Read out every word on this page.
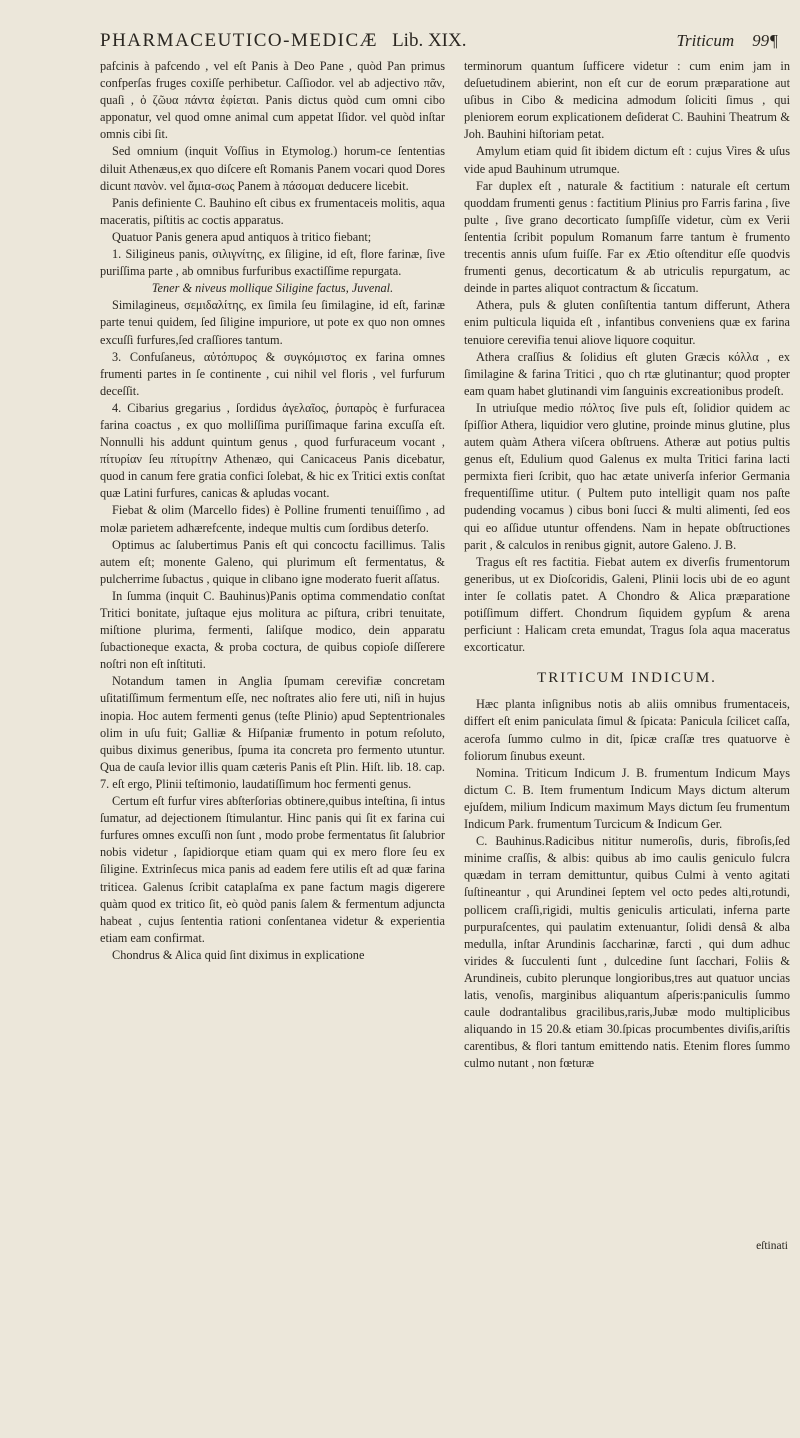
PHARMACEUTICO-MEDICÆ Lib. XIX.	Triticum 99¶

pafcinis à pafcendo , vel eſt Panis à Deo Pane , quòd Pan primus confperſas fruges coxiſſe perhibetur. Caſſiodor. vel ab adjectivo πᾶν, quaſi , ὁ ζῶυα πάντα ἐφίεται. Panis dictus quòd cum omni cibo apponatur, vel quod omne animal cum appetat Iſidor. vel quòd inſtar omnis cibi ſit.

Sed omnium (inquit Voſſius in Etymolog.) horum-ce ſententias diluit Athenæus,ex quo diſcere eſt Romanis Panem vocari quod Dores dicunt πανὸν. vel ἄμια-σως Panem à πάσομαι deducere licebit.

Panis definiente C. Bauhino eſt cibus ex frumentaceis molitis, aqua maceratis, piſtitis ac coctis apparatus.

Quatuor Panis genera apud antiquos à tritico fiebant;

1. Siligineus panis, σιλιγνίτης, ex ſiligine, id eſt, flore farinæ, ſive puriſſima parte , ab omnibus furfuribus exactiſſime repurgata.

Tener & niveus mollique Siligine factus, Juvenal.

Similagineus, σεμιδαλίτης, ex ſimila ſeu ſimilagine, id eſt, farinæ parte tenui quidem, ſed ſiligine impuriore, ut pote ex quo non omnes excuſſi furfures,ſed craſſiores tantum.

3. Confuſaneus, αὐτόπυρος & συγκόμιστος ex farina omnes frumenti partes in ſe continente , cui nihil vel floris , vel furfurum deceſſit.

4. Cibarius gregarius , ſordidus ἀγελαῖος, ῥυπαρὸς è furfuracea farina coactus , ex quo molliſſima puriſſimaque farina excuſſa eſt. Nonnulli his addunt quintum genus , quod furfuraceum vocant , πίτυρίαν ſeu πίτυρίτην Athenæo, qui Canicaceus Panis dicebatur, quod in canum fere gratia confici ſolebat, & hic ex Tritici extis conſtat quæ Latini furfures, canicas & apludas vocant.

Fiebat & olim (Marcello fides) è Polline frumenti tenuiſſimo , ad molæ parietem adhærefcente, indeque multis cum ſordibus deterſo.

Optimus ac ſalubertimus Panis eſt qui concoctu facillimus. Talis autem eſt; monente Galeno, qui plurimum eſt fermentatus, & pulcherrime ſubactus , quique in clibano igne moderato fuerit aſſatus.

In ſumma (inquit C. Bauhinus)Panis optima commendatio conſtat Tritici bonitate, juſtaque ejus molitura ac piſtura, cribri tenuitate, miſtione plurima, fermenti, ſaliſque modico, dein apparatu ſubactioneque exacta, & proba coctura, de quibus copioſe diſſerere noſtri non eſt inſtituti.

Notandum tamen in Anglia ſpumam cerevifiæ concretam uſitatiſſimum fermentum eſſe, nec noſtrates alio fere uti, niſi in hujus inopia. Hoc autem fermenti genus (teſte Plinio) apud Septentrionales olim in uſu fuit; Galliæ & Hiſpaniæ frumento in potum reſoluto, quibus diximus generibus, ſpuma ita concreta pro fermento utuntur. Qua de cauſa levior illis quam cæteris Panis eſt Plin. Hiſt. lib. 18. cap. 7. eſt ergo, Plinii teſtimonio, laudatiſſimum hoc fermenti genus.

Certum eſt furfur vires abſterſorias obtinere,quibus inteſtina, ſi intus ſumatur, ad dejectionem ſtimulantur. Hinc panis qui ſit ex farina cui furfures omnes excuſſi non ſunt , modo probe fermentatus ſit ſalubrior nobis videtur , ſapidiorque etiam quam qui ex mero flore ſeu ex ſiligine. Extrinſecus mica panis ad eadem fere utilis eſt ad quæ farina triticea. Galenus ſcribit cataplaſma ex pane factum magis digerere quàm quod ex tritico ſit, eò quòd panis ſalem & fermentum adjuncta habeat , cujus ſententia rationi conſentanea videtur & experientia etiam eam confirmat.

Chondrus & Alica quid ſint diximus in explicatione

terminorum quantum ſufficere videtur : cum enim jam in deſuetudinem abierint, non eſt cur de eorum præparatione aut uſibus in Cibo & medicina admodum ſoliciti ſimus , qui pleniorem eorum explicationem deſiderat C. Bauhini Theatrum & Joh. Bauhini hiſtoriam petat.

Amylum etiam quid ſit ibidem dictum eſt : cujus Vires & uſus vide apud Bauhinum utrumque.

Far duplex eſt , naturale & factitium : naturale eſt certum quoddam frumenti genus : factitium Plinius pro Farris farina , ſive pulte , ſive grano decorticato ſumpſiſſe videtur, cùm ex Verii ſententia ſcribit populum Romanum farre tantum è frumento trecentis annis uſum fuiſſe. Far ex Ætio oſtenditur eſſe quodvis frumenti genus, decorticatum & ab utriculis repurgatum, ac deinde in partes aliquot contractum & ſiccatum.

Athera, puls & gluten conſiſtentia tantum differunt, Athera enim pulticula liquida eſt , infantibus conveniens quæ ex farina tenuiore cerevifia tenui aliove liquore coquitur.

Athera craſſius & ſolidius eſt gluten Græcis κόλλα , ex ſimilagine & farina Tritici , quo ch rtæ glutinantur; quod propter eam quam habet glutinandi vim ſanguinis excreationibus prodeſt.

In utriuſque medio πόλτος ſive puls eſt, ſolidior quidem ac ſpiſſior Athera, liquidior vero glutine, proinde minus glutine, plus autem quàm Athera viſcera obſtruens. Atheræ aut potius pultis genus eſt, Edulium quod Galenus ex multa Tritici farina lacti permixta fieri ſcribit, quo hac ætate univerſa inferior Germania frequentiſſime utitur. ( Pultem puto intelligit quam nos paſte pudending vocamus ) cibus boni ſucci & multi alimenti, ſed eos qui eo aſſidue utuntur offendens. Nam in hepate obſtructiones parit , & calculos in renibus gignit, autore Galeno. J. B.

Tragus eſt res factitia. Fiebat autem ex diverſis frumentorum generibus, ut ex Dioſcoridis, Galeni, Plinii locis ubi de eo agunt inter ſe collatis patet. A Chondro & Alica præparatione potiſſimum differt. Chondrum ſiquidem gypſum & arena perficiunt : Halicam creta emundat, Tragus ſola aqua maceratus excorticatur.

TRITICUM INDICUM.

Hæc planta inſignibus notis ab aliis omnibus frumentaceis, differt eſt enim paniculata ſimul & ſpicata: Panicula ſcilicet caſſa, acerofa ſummo culmo in dit, ſpicæ craſſæ tres quatuorve è foliorum ſinubus exeunt.

Nomina. Triticum Indicum J. B. frumentum Indicum Mays dictum C. B. Item frumentum Indicum Mays dictum alterum ejuſdem, milium Indicum maximum Mays dictum ſeu frumentum Indicum Park. frumentum Turcicum & Indicum Ger.

C. Bauhinus.Radicibus nititur numeroſis, duris, fibroſis,ſed minime craſſis, & albis: quibus ab imo caulis geniculo fulcra quædam in terram demittuntur, quibus Culmi à vento agitati ſuſtineantur , qui Arundinei ſeptem vel octo pedes alti,rotundi, pollicem craſſi,rigidi, multis geniculis articulati, inferna parte purpuraſcentes, qui paulatim extenuantur, ſolidi densâ & alba medulla, inſtar Arundinis ſaccharinæ, farcti , qui dum adhuc virides & ſucculenti ſunt , dulcedine ſunt ſacchari, Foliis & Arundineis, cubito plerunque longioribus,tres aut quatuor uncias latis, venoſis, marginibus aliquantum aſperis:paniculis ſummo caule dodrantalibus gracilibus,raris,Jubæ modo multiplicibus aliquando in 15 20.& etiam 30.ſpicas procumbentes diviſis,ariſtis carentibus, & flori tantum emittendo natis. Etenim flores ſummo culmo nutant , non fœturæ

eſtinati
